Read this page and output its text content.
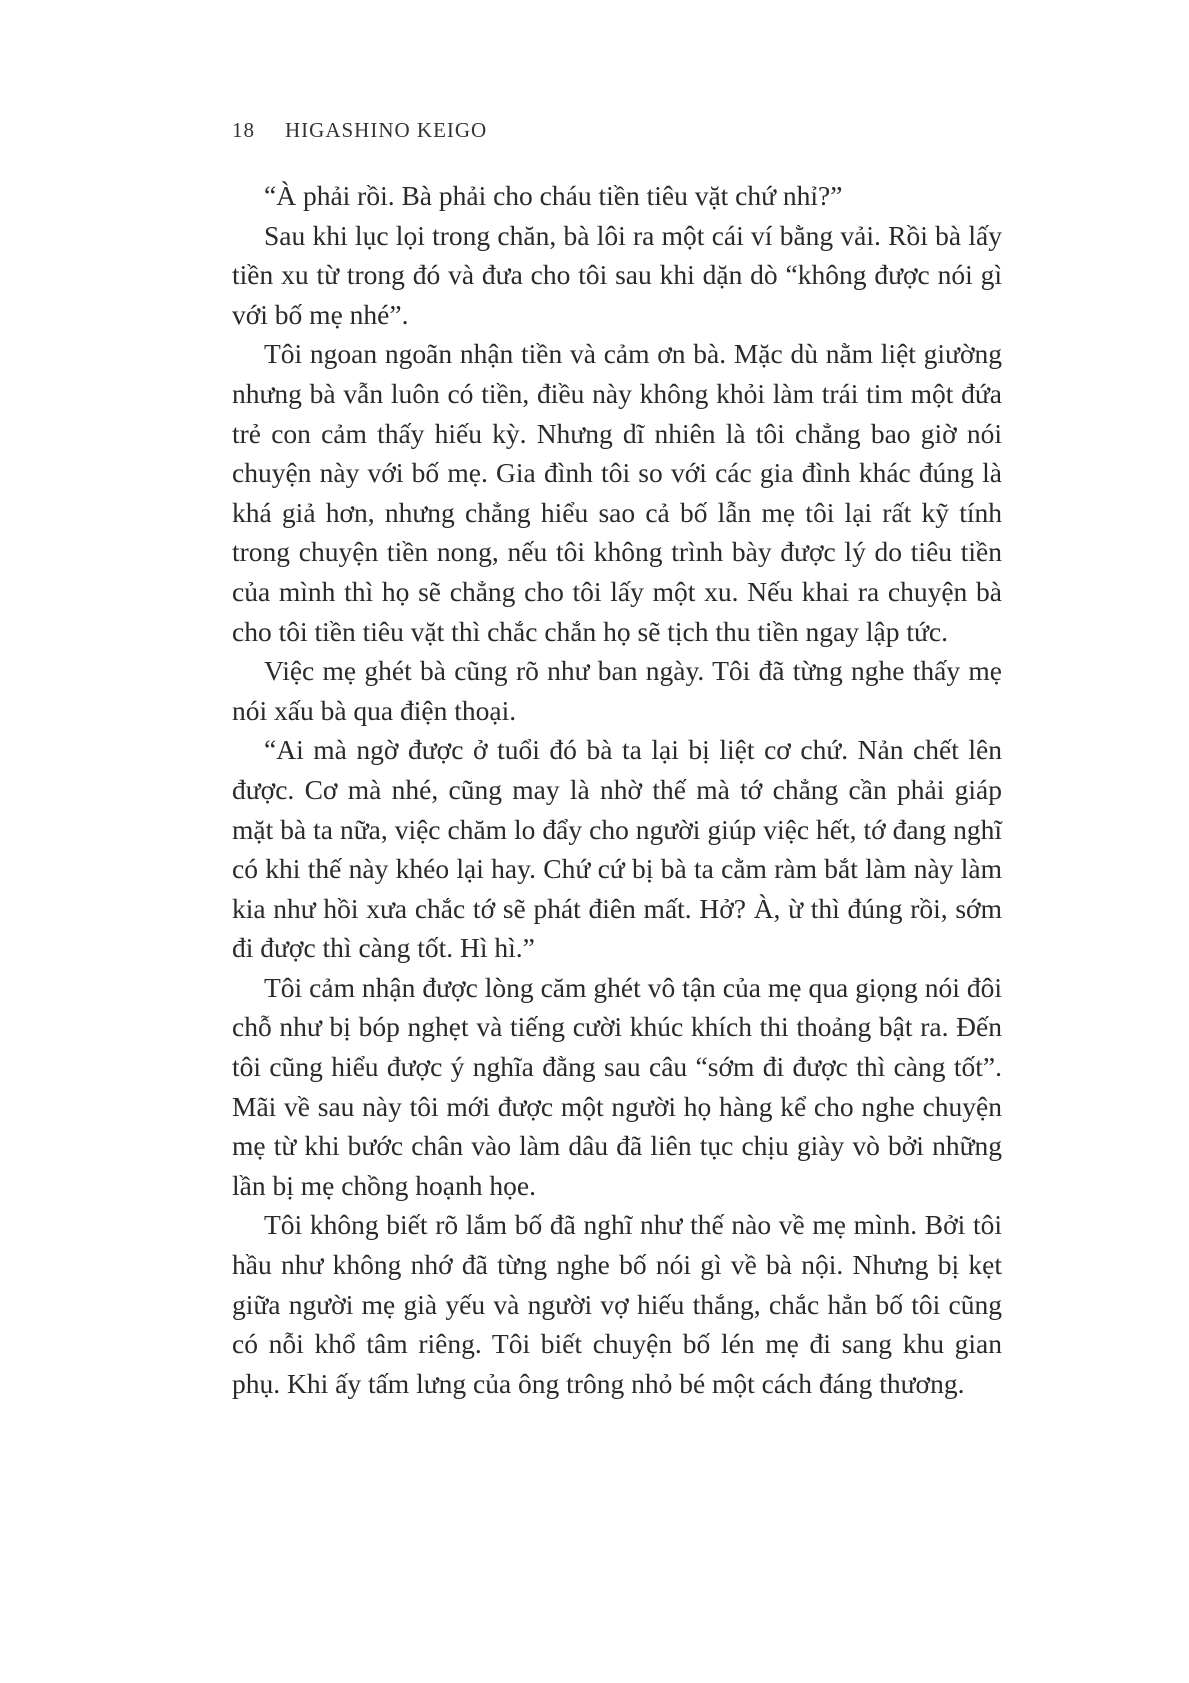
18 HIGASHINO KEIGO

“À phải rồi. Bà phải cho cháu tiền tiêu vặt chứ nhỉ?”

Sau khi lục lọi trong chăn, bà lôi ra một cái ví bằng vải. Rồi bà lấy tiền xu từ trong đó và đưa cho tôi sau khi dặn dò “không được nói gì với bố mẹ nhé”.

Tôi ngoan ngoãn nhận tiền và cảm ơn bà. Mặc dù nằm liệt giường nhưng bà vẫn luôn có tiền, điều này không khỏi làm trái tim một đứa trẻ con cảm thấy hiếu kỳ. Nhưng dĩ nhiên là tôi chẳng bao giờ nói chuyện này với bố mẹ. Gia đình tôi so với các gia đình khác đúng là khá giả hơn, nhưng chẳng hiểu sao cả bố lẫn mẹ tôi lại rất kỹ tính trong chuyện tiền nong, nếu tôi không trình bày được lý do tiêu tiền của mình thì họ sẽ chẳng cho tôi lấy một xu. Nếu khai ra chuyện bà cho tôi tiền tiêu vặt thì chắc chắn họ sẽ tịch thu tiền ngay lập tức.

Việc mẹ ghét bà cũng rõ như ban ngày. Tôi đã từng nghe thấy mẹ nói xấu bà qua điện thoại.

“Ai mà ngờ được ở tuổi đó bà ta lại bị liệt cơ chứ. Nản chết lên được. Cơ mà nhé, cũng may là nhờ thế mà tớ chẳng cần phải giáp mặt bà ta nữa, việc chăm lo đẩy cho người giúp việc hết, tớ đang nghĩ có khi thế này khéo lại hay. Chứ cứ bị bà ta cằm ràm bắt làm này làm kia như hồi xưa chắc tớ sẽ phát điên mất. Hở? À, ừ thì đúng rồi, sớm đi được thì càng tốt. Hì hì.”

Tôi cảm nhận được lòng căm ghét vô tận của mẹ qua giọng nói đôi chỗ như bị bóp nghẹt và tiếng cười khúc khích thi thoảng bật ra. Đến tôi cũng hiểu được ý nghĩa đằng sau câu “sớm đi được thì càng tốt”. Mãi về sau này tôi mới được một người họ hàng kể cho nghe chuyện mẹ từ khi bước chân vào làm dâu đã liên tục chịu giày vò bởi những lần bị mẹ chồng hoạnh họe.

Tôi không biết rõ lắm bố đã nghĩ như thế nào về mẹ mình. Bởi tôi hầu như không nhớ đã từng nghe bố nói gì về bà nội. Nhưng bị kẹt giữa người mẹ già yếu và người vợ hiếu thắng, chắc hẳn bố tôi cũng có nỗi khổ tâm riêng. Tôi biết chuyện bố lén mẹ đi sang khu gian phụ. Khi ấy tấm lưng của ông trông nhỏ bé một cách đáng thương.
